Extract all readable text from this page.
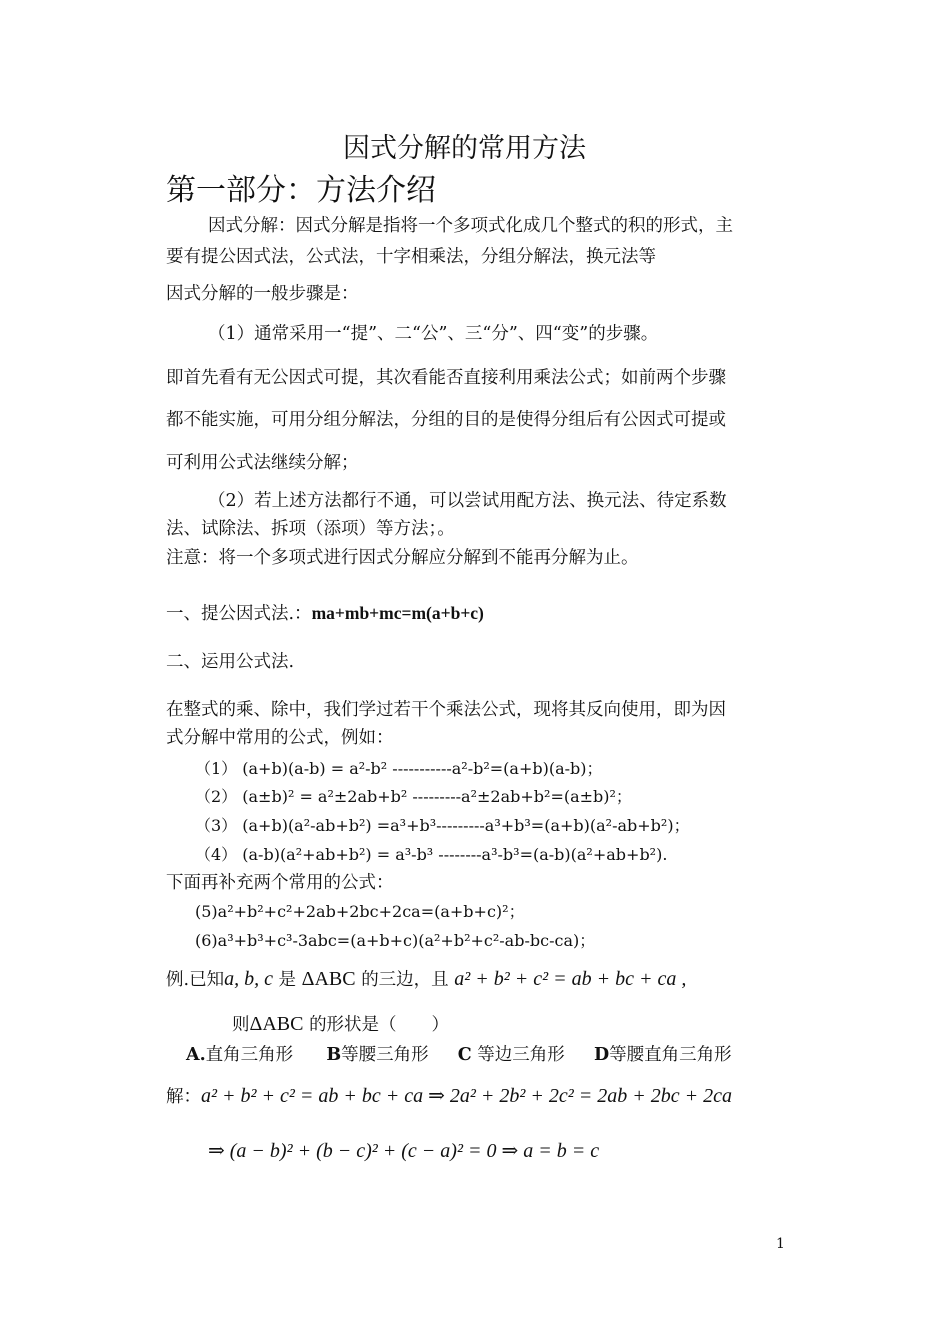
因式分解的常用方法
第一部分：方法介绍
因式分解：因式分解是指将一个多项式化成几个整式的积的形式，主
要有提公因式法，公式法，十字相乘法，分组分解法，换元法等
因式分解的一般步骤是：
（1）通常采用一“提”、二“公”、三“分”、四“变”的步骤。
即首先看有无公因式可提，其次看能否直接利用乘法公式；如前两个步骤
都不能实施，可用分组分解法，分组的目的是使得分组后有公因式可提或
可利用公式法继续分解；
（2）若上述方法都行不通，可以尝试用配方法、换元法、待定系数
法、试除法、拆项（添项）等方法；。
注意：将一个多项式进行因式分解应分解到不能再分解为止。
一、提公因式法.：ma+mb+mc=m(a+b+c)
二、运用公式法.
在整式的乘、除中，我们学过若干个乘法公式，现将其反向使用，即为因
式分解中常用的公式，例如：
（1） (a+b)(a-b) = a²-b² -----------a²-b²=(a+b)(a-b)；
（2） (a±b)² = a²±2ab+b² ---------a²±2ab+b²=(a±b)²；
（3） (a+b)(a²-ab+b²) =a³+b³---------a³+b³=(a+b)(a²-ab+b²)；
（4） (a-b)(a²+ab+b²) = a³-b³ --------a³-b³=(a-b)(a²+ab+b²).
下面再补充两个常用的公式：
(5)a²+b²+c²+2ab+2bc+2ca=(a+b+c)²；
(6)a³+b³+c³-3abc=(a+b+c)(a²+b²+c²-ab-bc-ca)；
例.已知a, b, c 是 ΔABC 的三边，且 a² + b² + c² = ab + bc + ca ,
则ΔABC 的形状是（　　）
A.直角三角形 B等腰三角形 C 等边三角形 D等腰直角三角形
解：a² + b² + c² = ab + bc + ca ⇒ 2a² + 2b² + 2c² = 2ab + 2bc + 2ca
⇒ (a − b)² + (b − c)² + (c − a)² = 0 ⇒ a = b = c
1
